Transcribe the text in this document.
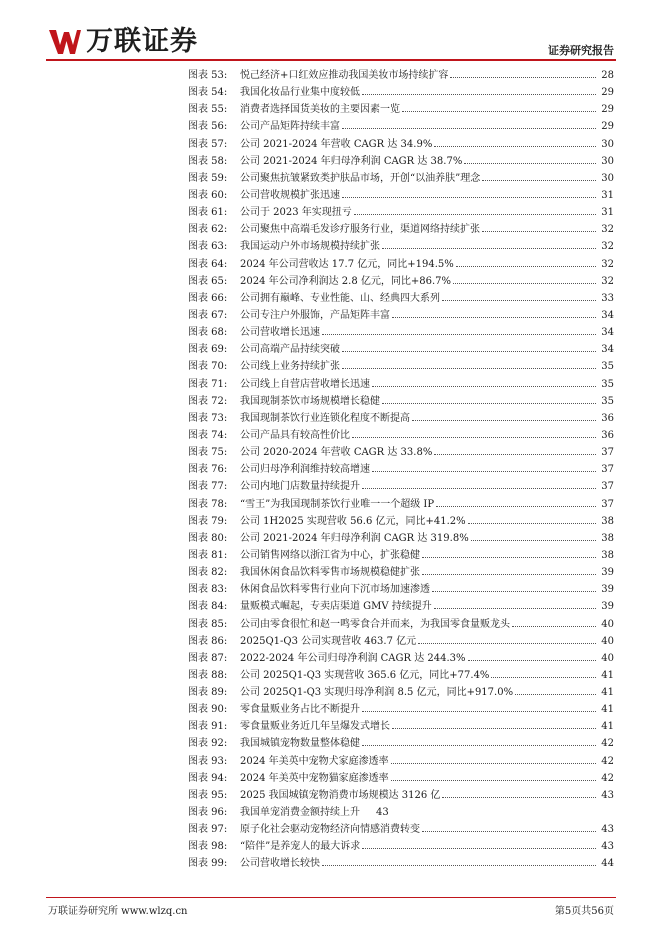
万联证券	证券研究报告
图表 53:	悦己经济+口红效应推动我国美妆市场持续扩容	28
图表 54:	我国化妆品行业集中度较低	29
图表 55:	消费者选择国货美妆的主要因素一览	29
图表 56:	公司产品矩阵持续丰富	29
图表 57:	公司 2021-2024 年营收 CAGR 达 34.9%	30
图表 58:	公司 2021-2024 年归母净利润 CAGR 达 38.7%	30
图表 59:	公司聚焦抗皱紧致类护肤品市场，开创“以油养肤”理念	30
图表 60:	公司营收规模扩张迅速	31
图表 61:	公司于 2023 年实现扭亏	31
图表 62:	公司聚焦中高端毛发诊疗服务行业，渠道网络持续扩张	32
图表 63:	我国运动户外市场规模持续扩张	32
图表 64:	2024 年公司营收达 17.7 亿元，同比+194.5%	32
图表 65:	2024 年公司净利润达 2.8 亿元，同比+86.7%	32
图表 66:	公司拥有巅峰、专业性能、山、经典四大系列	33
图表 67:	公司专注户外服饰，产品矩阵丰富	34
图表 68:	公司营收增长迅速	34
图表 69:	公司高端产品持续突破	34
图表 70:	公司线上业务持续扩张	35
图表 71:	公司线上自营店营收增长迅速	35
图表 72:	我国现制茶饮市场规模增长稳健	35
图表 73:	我国现制茶饮行业连锁化程度不断提高	36
图表 74:	公司产品具有较高性价比	36
图表 75:	公司 2020-2024 年营收 CAGR 达 33.8%	37
图表 76:	公司归母净利润维持较高增速	37
图表 77:	公司内地门店数量持续提升	37
图表 78:	“雪王”为我国现制茶饮行业唯一一个超级 IP	37
图表 79:	公司 1H2025 实现营收 56.6 亿元，同比+41.2%	38
图表 80:	公司 2021-2024 年归母净利润 CAGR 达 319.8%	38
图表 81:	公司销售网络以浙江省为中心，扩张稳健	38
图表 82:	我国休闲食品饮料零售市场规模稳健扩张	39
图表 83:	休闲食品饮料零售行业向下沉市场加速渗透	39
图表 84:	量贩模式崛起，专卖店渠道 GMV 持续提升	39
图表 85:	公司由零食很忙和赵一鸣零食合并而来，为我国零食量贩龙头	40
图表 86:	2025Q1-Q3 公司实现营收 463.7 亿元	40
图表 87:	2022-2024 年公司归母净利润 CAGR 达 244.3%	40
图表 88:	公司 2025Q1-Q3 实现营收 365.6 亿元，同比+77.4%	41
图表 89:	公司 2025Q1-Q3 实现归母净利润 8.5 亿元，同比+917.0%	41
图表 90:	零食量贩业务占比不断提升	41
图表 91:	零食量贩业务近几年呈爆发式增长	41
图表 92:	我国城镇宠物数量整体稳健	42
图表 93:	2024 年美英中宠物犬家庭渗透率	42
图表 94:	2024 年美英中宠物猫家庭渗透率	42
图表 95:	2025 我国城镇宠物消费市场规模达 3126 亿	43
图表 96:	我国单宠消费金额持续上升 43
图表 97:	原子化社会驱动宠物经济向情感消费转变	43
图表 98:	“陪伴”是养宠人的最大诉求	43
图表 99:	公司营收增长较快	44
万联证券研究所 www.wlzq.cn	第5页共56页
